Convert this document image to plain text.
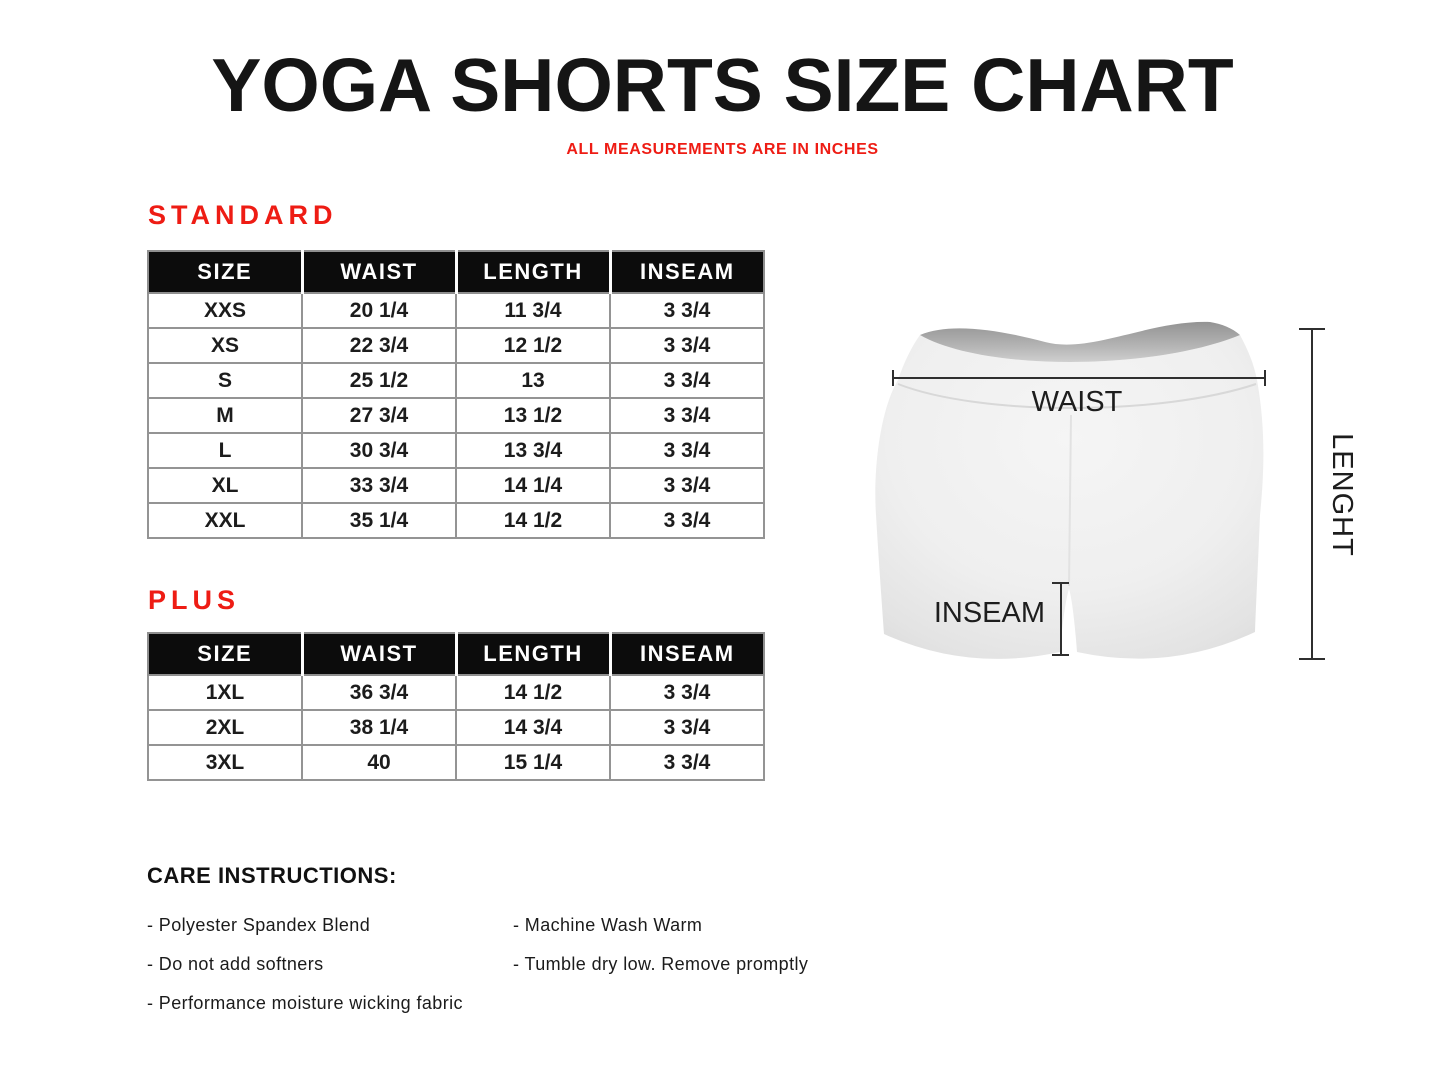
YOGA SHORTS SIZE CHART
ALL MEASUREMENTS ARE IN INCHES
STANDARD
SIZE	WAIST	LENGTH	INSEAM
XXS	20 1/4	11 3/4	3 3/4
XS	22 3/4	12 1/2	3 3/4
S	25 1/2	13	3 3/4
M	27 3/4	13 1/2	3 3/4
L	30 3/4	13 3/4	3 3/4
XL	33 3/4	14 1/4	3 3/4
XXL	35 1/4	14 1/2	3 3/4
PLUS
SIZE	WAIST	LENGTH	INSEAM
1XL	36 3/4	14 1/2	3 3/4
2XL	38 1/4	14 3/4	3 3/4
3XL	40	15 1/4	3 3/4
CARE INSTRUCTIONS:
- Polyester Spandex Blend
- Do not add softners
- Performance moisture wicking fabric
- Machine Wash Warm
- Tumble dry low. Remove promptly
WAIST
INSEAM
LENGHT
